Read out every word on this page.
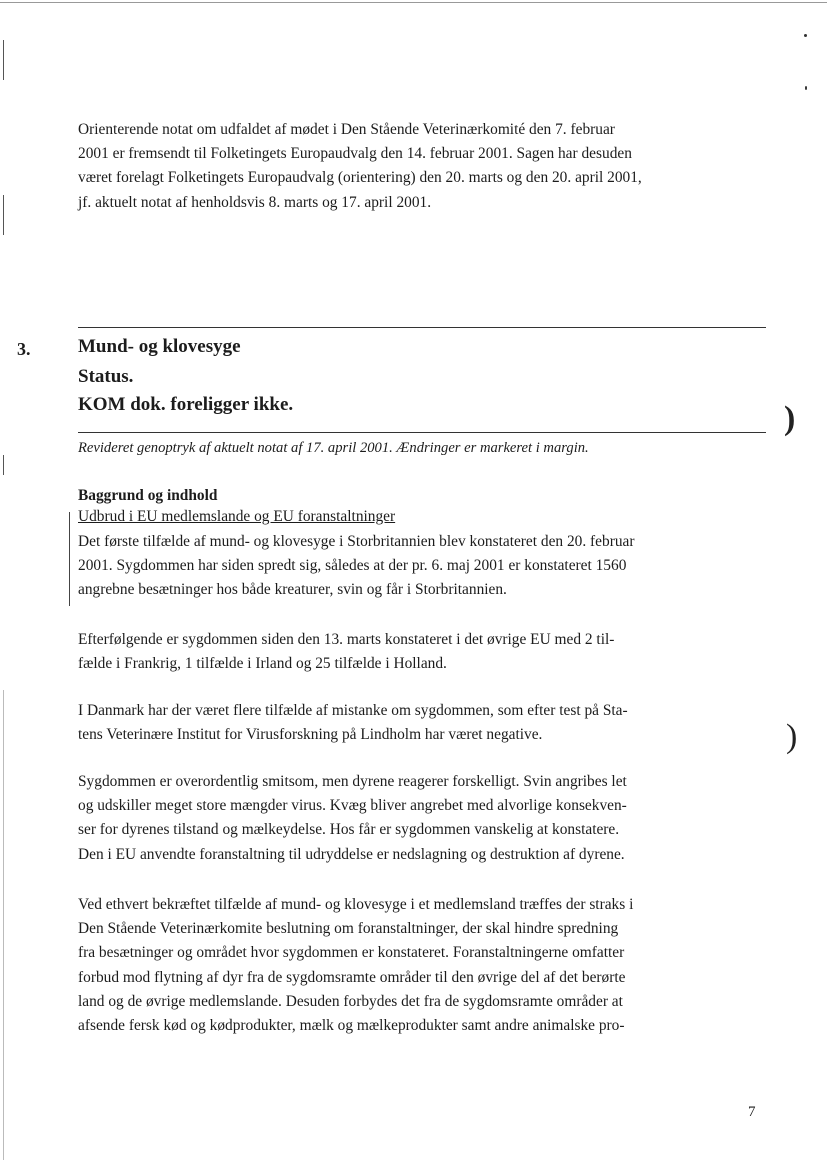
Orienterende notat om udfaldet af mødet i Den Stående Veterinærkomité den 7. februar
2001 er fremsendt til Folketingets Europaudvalg den 14. februar 2001. Sagen har desuden
været forelagt Folketingets Europaudvalg (orientering) den 20. marts og den 20. april 2001,
jf. aktuelt notat af henholdsvis 8. marts og 17. april 2001.
3.	Mund- og klovesyge
Status.
KOM dok. foreligger ikke.
Revideret genoptryk af aktuelt notat af 17. april 2001. Ændringer er markeret i margin.
Baggrund og indhold
Udbrud i EU medlemslande og EU foranstaltninger
Det første tilfælde af mund- og klovesyge i Storbritannien blev konstateret den 20. februar
2001. Sygdommen har siden spredt sig, således at der pr. 6. maj 2001 er konstateret 1560
angrebne besætninger hos både kreaturer, svin og får i Storbritannien.
Efterfølgende er sygdommen siden den 13. marts konstateret i det øvrige EU med 2 til-
fælde i Frankrig, 1 tilfælde i Irland og 25 tilfælde i Holland.
I Danmark har der været flere tilfælde af mistanke om sygdommen, som efter test på Sta-
tens Veterinære Institut for Virusforskning på Lindholm har været negative.
Sygdommen er overordentlig smitsom, men dyrene reagerer forskelligt. Svin angribes let
og udskiller meget store mængder virus. Kvæg bliver angrebet med alvorlige konsekven-
ser for dyrenes tilstand og mælkeydelse. Hos får er sygdommen vanskelig at konstatere.
Den i EU anvendte foranstaltning til udryddelse er nedslagning og destruktion af dyrene.
Ved ethvert bekræftet tilfælde af mund- og klovesyge i et medlemsland træffes der straks i
Den Stående Veterinærkomite beslutning om foranstaltninger, der skal hindre spredning
fra besætninger og området hvor sygdommen er konstateret. Foranstaltningerne omfatter
forbud mod flytning af dyr fra de sygdomsramte områder til den øvrige del af det berørte
land og de øvrige medlemslande. Desuden forbydes det fra de sygdomsramte områder at
afsende fersk kød og kødprodukter, mælk og mælkeprodukter samt andre animalske pro-
)
)
7
